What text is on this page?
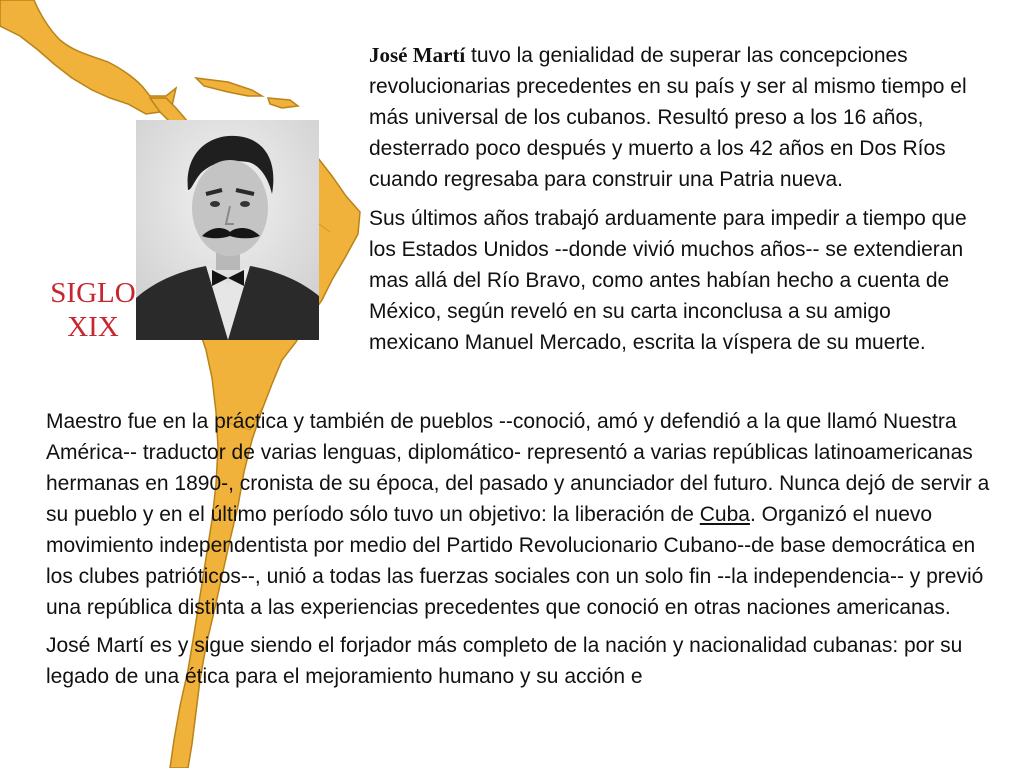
SIGLO
XIX

José Martí tuvo la genialidad de superar las concepciones revolucionarias precedentes en su país y ser al mismo tiempo el más universal de los cubanos. Resultó preso a los 16 años, desterrado poco después y muerto a los 42 años en Dos Ríos cuando regresaba para construir una Patria nueva.

Sus últimos años trabajó arduamente para impedir a tiempo que los Estados Unidos --donde vivió muchos años-- se extendieran mas allá del Río Bravo, como antes habían hecho a cuenta de México, según reveló en su carta inconclusa a su amigo mexicano Manuel Mercado, escrita la víspera de su muerte.

Maestro fue en la práctica y también de pueblos --conoció, amó y defendió a la que llamó Nuestra América-- traductor de varias lenguas, diplomático- representó a varias repúblicas latinoamericanas hermanas en 1890-, cronista de su época, del pasado y anunciador del futuro. Nunca dejó de servir a su pueblo y en el último período sólo tuvo un objetivo: la liberación de Cuba. Organizó el nuevo movimiento independentista por medio del Partido Revolucionario Cubano--de base democrática en los clubes patrióticos--, unió a todas las fuerzas sociales con un solo fin --la independencia-- y previó una república distinta a las experiencias precedentes que conoció en otras naciones americanas.

José Martí es y sigue siendo el forjador más completo de la nación y nacionalidad cubanas: por su legado de una ética para el mejoramiento humano y su acción e
